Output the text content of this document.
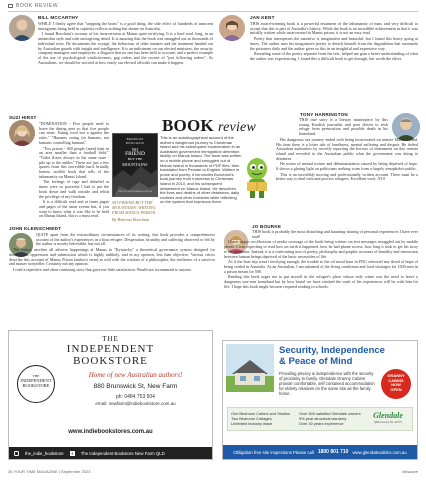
BOOK REVIEW
BILL MCCARTHY

WHILE I firmly agree that "stopping the boats" is a good thing, the side effect of hundreds of innocent immigrants being held in captivity reflects nothing but shame on Australia.

I found Boochani's account of his incarceration at Manus quite terrifying. It is a hard read, long, in an unfamiliar style and with unforgiving detail. It is amazing that the book was smuggled out as thousands of individual texts. He documents the voyage, the behaviour of other inmates and the treatment handed out by Australian guards with insight and intelligence. It is an indictment on our elected ministers, the security company managers and employees; a disgrace that no one has been held to account; and a perfect example of the use of psychological vindictiveness, gag orders and the excuse of "just following orders". As Australians, we should be worried at how easily our elected officials can make it happen.

JAN KENT

THIS award-winning book is a powerful testament of the inhumanity of man, and very difficult to accept that this is part of Australia's history. While the book is an incredible achievement in that it was initially written while incarcerated in Manus prison, it is not an easy read.

Poetry that intersperses the narrative is imaginative and beautiful, but I found this heavy going at times. The author uses his imaginative poetry to detach himself from the degradation that surrounds the prisoners daily and the author gives us this in an insightful and expressive way.

Rereading some of the poetry separate from the text, helped me gain a better understanding of what the author was experiencing. I found this a difficult book to get through, but worth the effort.

SUZI HIRST

"DOMINATION - Five people need to leave the dining area so that five people can enter. Eating food not a against the rules." "Humans caring for humans, not humans controlling humans".

"Fox prison - 400 people (men) kept in an area smaller than a football field." "Toilet floors always in the same state - pile up to the ankles" These are just a few quotes from this incredible hard, brutally honest, terrible book that tells of the inhumanity on Manus Island.

The feelings of rage and disbelief at times were so powerful I had to put the book down and walk outside and relish the privilege of my freedom.

It is a difficult read and at times pages and pages of the same events but, if you want to know what it was like to be held on Manus Island, this is a must read.

BOOK review
BEHROUZ
BOOCHANI
NO
FRIEND
BUT THE
MOUNTAINS
WRITING FROM MANUS PRISON
This is an autobiographical account of the author's dangerous journey to Christmas Island and his subsequent incarceration in an Australian government immigration detention facility on Manus Island. The book was written on a mobile phone and smuggled out of Manus Island in thousands of PDF files, then translated from Persian to English. Written in prose and poetry, it chronicles Boochani's boat journey from Indonesia to Christmas Island in 2013, and his subsequent detainment on Manus Island. He describes the lives and deaths of other detainees, daily routines and other incidents while reflecting on the system that imprisons them.
NO FRIEND BUT THE MOUNTAINS: WRITING FROM MANUS PRISON
By Behrouz Boochani
TONY HARRINGTON

THIS true story is a literary masterpiece by this young Kurdish journalist and poet driven to seek refuge from persecution and possible death in his homeland.

His dangerous sea journey ended with being incarcerated on remote Manus Island. His time there is a bitter tale of loneliness, mental suffering and despair. He defied Australian authorities by secretly reporting the horrors of internment on this remote island and revealed to the Australian public what the government was doing to detainees.

He writes of mental torture and dehumanisation caused by being deprived of hope. It shows a glaring light on politicians seeking votes from a largely xenophobic public.

This is an incredibly moving and professionally written account. There must be a better way to deal with and process refugees. Excellent work. 9/10

JOHN KLEINSCHMIDT

QUITE apart from the extraordinary circumstances of its writing, this book provides a comprehensive account of the author's experiences in a boat refugee. Desperation, brutality and suffering observed or felt by the author is mostly believable, but not all.

The author ascribes all adverse happenings at Manus to "Kyriarchy" a theoretical governance system designed for domination, oppression and submission which is highly unlikely, and in my opinion, less than objective. Various critics describe this account of Manus Prison (author's term) as told with the wisdom of a philosopher, the resilience of a survivor and master storyteller. Certainly not my opinion.

I read a repetitive and often confusing story that gave me little satisfaction. Would not recommend to anyone.

JO BOURKE

THIS book is probably the most disturbing and haunting sharing of personal experiences I have ever read!

I have vague recollections of media coverage of the book being written via text messages smuggled out by mobile phone. I was expecting to read how on earth it happened, how he had phone access, how long it took to get his story to his translator. Instead, it is a confronting mix of poetry, philosophy and graphic accounts of brutality and interaction between human beings deprived of the basic necessities of life.

As if the boat trip wasn't terrifying enough, the trouble to the oil naval base in PNG removed any shred of hope of being settled in Australia. As an Australian, I am ashamed of the living conditions and food shortages for 1500 men in a prison meant for 500.

Reading this book urges me to put myself in the refugee's place whose only crime was the need to leave a dangerous war-torn homeland but by how brutal we have crushed the souls of his experiences will be with him for life. I hope this book might become required reading in schools.

THE
INDEPENDENT
BOOKSTORE
THE
INDEPENDENT
BOOKSTORE
Home of new Australian authors!
880 Brunswick St, New Farm
ph: 0484 753 504
email: newfarm@indiebookstore.com.au
www.indiebookstores.com.au
the_indie_bookstore	f	The Independent Bookstore New Farm QLD
Security, Independence
& Peace of Mind
Providing privacy & independence with the security of proximity to family. Glendale Granny Cabins provide comfortable, self contained accommodation for elderly relatives on the same site as the family home.
GRANNY
CABINS
NOW
OPEN
One Bedroom Cabins and Studios
Two Bedroom Cottages
Unlimited industry lease
Over 500 satisfied Glendale owners
5% year structural warranty
Over 30 years experience
Glendale
QBA Licence No. 42773
Obligation free site inspections Please call 1800 801 710 www.glendalecabins.com.au
36 YOUR TIME MAGAZINE | September 2023	Brisbane
